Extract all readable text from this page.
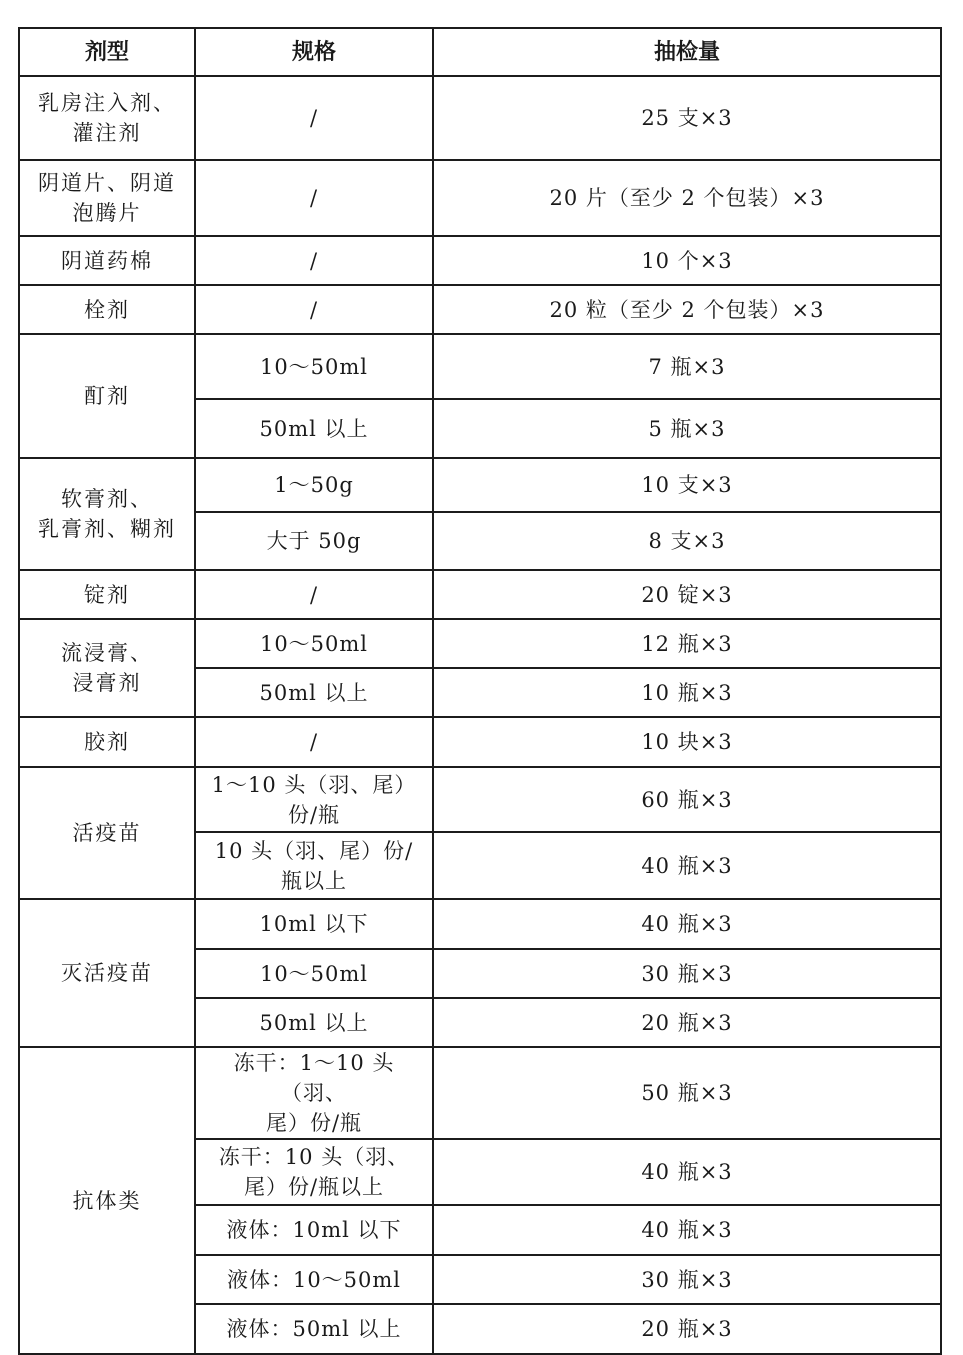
剂型	规格	抽检量
乳房注入剂、
灌注剂	/	25 支×3
阴道片、阴道
泡腾片	/	20 片（至少 2 个包装）×3
阴道药棉	/	10 个×3
栓剂	/	20 粒（至少 2 个包装）×3
酊剂	10～50ml	7 瓶×3
	50ml 以上	5 瓶×3
软膏剂、
乳膏剂、糊剂	1～50g	10 支×3
	大于 50g	8 支×3
锭剂	/	20 锭×3
流浸膏、
浸膏剂	10～50ml	12 瓶×3
	50ml 以上	10 瓶×3
胶剂	/	10 块×3
活疫苗	1～10 头（羽、尾）
份/瓶	60 瓶×3
	10 头（羽、尾）份/
瓶以上	40 瓶×3
灭活疫苗	10ml 以下	40 瓶×3
	10～50ml	30 瓶×3
	50ml 以上	20 瓶×3
抗体类	冻干：1～10 头（羽、
尾）份/瓶	50 瓶×3
	冻干：10 头（羽、
尾）份/瓶以上	40 瓶×3
	液体：10ml 以下	40 瓶×3
	液体：10～50ml	30 瓶×3
	液体：50ml 以上	20 瓶×3
